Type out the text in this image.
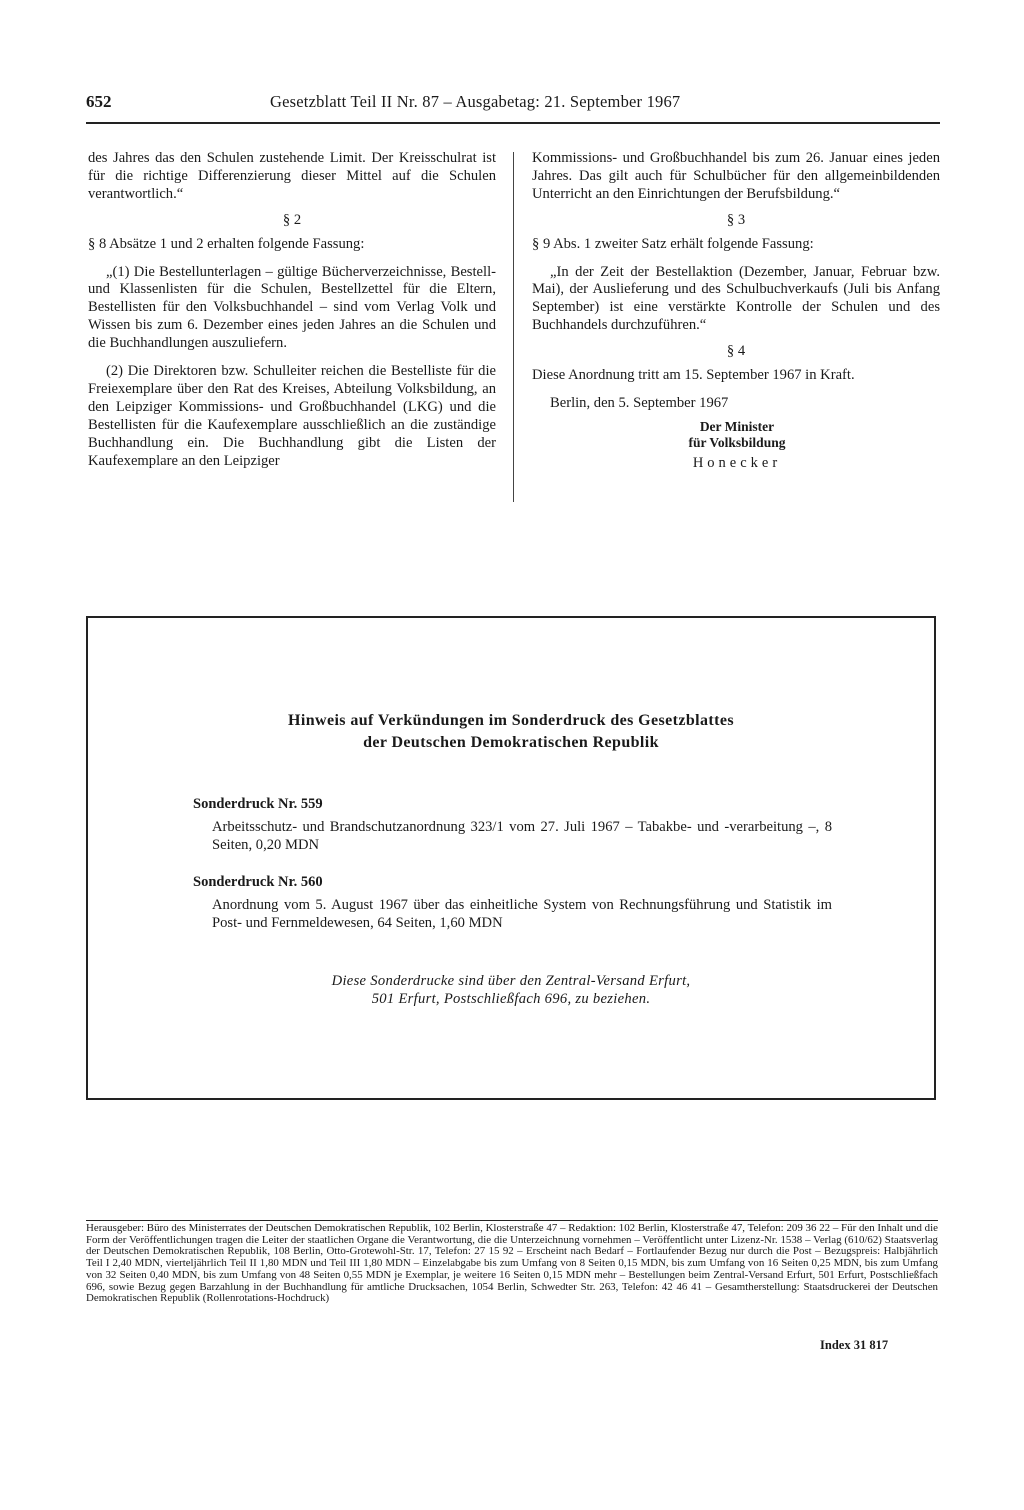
652	Gesetzblatt Teil II Nr. 87 – Ausgabetag: 21. September 1967

des Jahres das den Schulen zustehende Limit. Der Kreisschulrat ist für die richtige Differenzierung dieser Mittel auf die Schulen verantwortlich.“

§ 2

§ 8 Absätze 1 und 2 erhalten folgende Fassung:

„(1) Die Bestellunterlagen – gültige Bücherverzeichnisse, Bestell- und Klassenlisten für die Schulen, Bestellzettel für die Eltern, Bestellisten für den Volksbuchhandel – sind vom Verlag Volk und Wissen bis zum 6. Dezember eines jeden Jahres an die Schulen und die Buchhandlungen auszuliefern.

(2) Die Direktoren bzw. Schulleiter reichen die Bestelliste für die Freiexemplare über den Rat des Kreises, Abteilung Volksbildung, an den Leipziger Kommissions- und Großbuchhandel (LKG) und die Bestellisten für die Kaufexemplare ausschließlich an die zuständige Buchhandlung ein. Die Buchhandlung gibt die Listen der Kaufexemplare an den Leipziger

Kommissions- und Großbuchhandel bis zum 26. Januar eines jeden Jahres. Das gilt auch für Schulbücher für den allgemeinbildenden Unterricht an den Einrichtungen der Berufsbildung.“

§ 3

§ 9 Abs. 1 zweiter Satz erhält folgende Fassung:

„In der Zeit der Bestellaktion (Dezember, Januar, Februar bzw. Mai), der Auslieferung und des Schulbuchverkaufs (Juli bis Anfang September) ist eine verstärkte Kontrolle der Schulen und des Buchhandels durchzuführen.“

§ 4

Diese Anordnung tritt am 15. September 1967 in Kraft.

Berlin, den 5. September 1967

Der Minister
für Volksbildung
Honecker
Hinweis auf Verkündungen im Sonderdruck des Gesetzblattes
der Deutschen Demokratischen Republik
Sonderdruck Nr. 559
Arbeitsschutz- und Brandschutzanordnung 323/1 vom 27. Juli 1967 – Tabakbe- und -verarbeitung –, 8 Seiten, 0,20 MDN
Sonderdruck Nr. 560
Anordnung vom 5. August 1967 über das einheitliche System von Rechnungsführung und Statistik im Post- und Fernmeldewesen, 64 Seiten, 1,60 MDN
Diese Sonderdrucke sind über den Zentral-Versand Erfurt,
501 Erfurt, Postschließfach 696, zu beziehen.
Herausgeber: Büro des Ministerrates der Deutschen Demokratischen Republik, 102 Berlin, Klosterstraße 47 – Redaktion: 102 Berlin, Klosterstraße 47, Telefon: 209 36 22 – Für den Inhalt und die Form der Veröffentlichungen tragen die Leiter der staatlichen Organe die Verantwortung, die die Unterzeichnung vornehmen – Veröffentlicht unter Lizenz-Nr. 1538 – Verlag (610/62) Staatsverlag der Deutschen Demokratischen Republik, 108 Berlin, Otto-Grotewohl-Str. 17, Telefon: 27 15 92 – Erscheint nach Bedarf – Fortlaufender Bezug nur durch die Post – Bezugspreis: Halbjährlich Teil I 2,40 MDN, vierteljährlich Teil II 1,80 MDN und Teil III 1,80 MDN – Einzelabgabe bis zum Umfang von 8 Seiten 0,15 MDN, bis zum Umfang von 16 Seiten 0,25 MDN, bis zum Umfang von 32 Seiten 0,40 MDN, bis zum Umfang von 48 Seiten 0,55 MDN je Exemplar, je weitere 16 Seiten 0,15 MDN mehr – Bestellungen beim Zentral-Versand Erfurt, 501 Erfurt, Postschließfach 696, sowie Bezug gegen Barzahlung in der Buchhandlung für amtliche Drucksachen, 1054 Berlin, Schwedter Str. 263, Telefon: 42 46 41 – Gesamtherstellung: Staatsdruckerei der Deutschen Demokratischen Republik (Rollenrotations-Hochdruck)
Index 31 817
